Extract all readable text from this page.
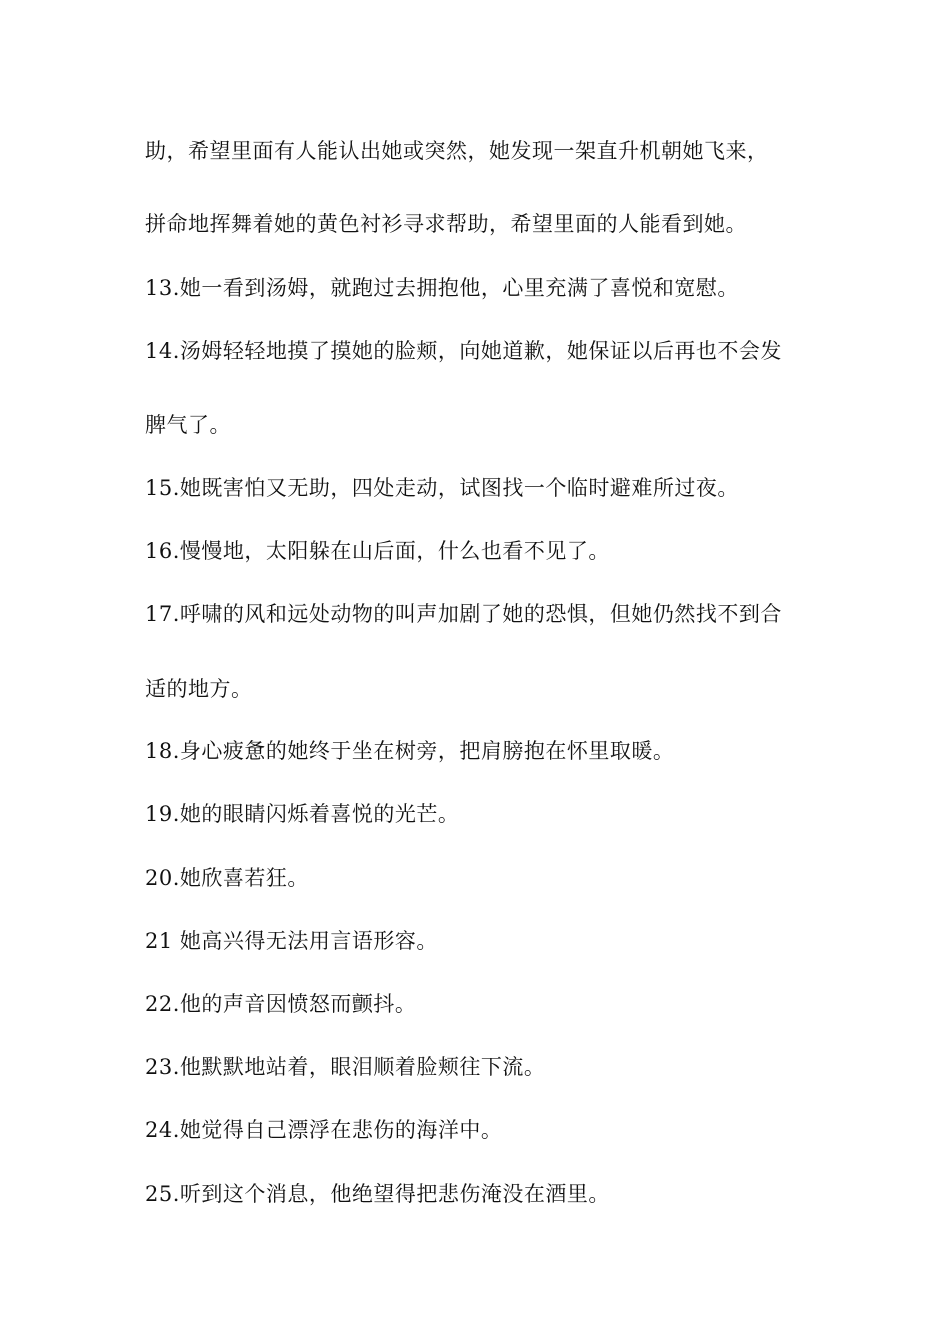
助，希望里面有人能认出她或突然，她发现一架直升机朝她飞来，
拼命地挥舞着她的黄色衬衫寻求帮助，希望里面的人能看到她。
13.她一看到汤姆，就跑过去拥抱他，心里充满了喜悦和宽慰。
14.汤姆轻轻地摸了摸她的脸颊，向她道歉，她保证以后再也不会发
脾气了。
15.她既害怕又无助，四处走动，试图找一个临时避难所过夜。
16.慢慢地，太阳躲在山后面，什么也看不见了。
17.呼啸的风和远处动物的叫声加剧了她的恐惧，但她仍然找不到合
适的地方。
18.身心疲惫的她终于坐在树旁，把肩膀抱在怀里取暖。
19.她的眼睛闪烁着喜悦的光芒。
20.她欣喜若狂。
21 她高兴得无法用言语形容。
22.他的声音因愤怒而颤抖。
23.他默默地站着，眼泪顺着脸颊往下流。
24.她觉得自己漂浮在悲伤的海洋中。
25.听到这个消息，他绝望得把悲伤淹没在酒里。
